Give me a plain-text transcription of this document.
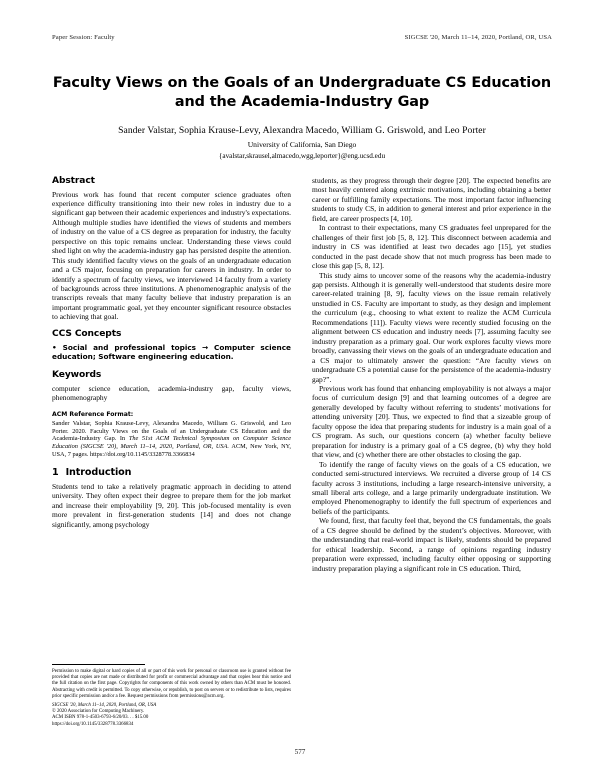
Paper Session: Faculty	SIGCSE '20, March 11–14, 2020, Portland, OR, USA
Faculty Views on the Goals of an Undergraduate CS Education
and the Academia-Industry Gap
Sander Valstar, Sophia Krause-Levy, Alexandra Macedo, William G. Griswold, and Leo Porter
University of California, San Diego
{avalstar,skrausel,almacedo,wgg,leporter}@eng.ucsd.edu
Abstract

Previous work has found that recent computer science graduates often experience difficulty transitioning into their new roles in industry due to a significant gap between their academic experiences and industry's expectations. Although multiple studies have identified the views of students and members of industry on the value of a CS degree as preparation for industry, the faculty perspective on this topic remains unclear. Understanding these views could shed light on why the academia-industry gap has persisted despite the attention. This study identified faculty views on the goals of an undergraduate education and a CS major, focusing on preparation for careers in industry. In order to identify a spectrum of faculty views, we interviewed 14 faculty from a variety of backgrounds across three institutions. A phenomenographic analysis of the transcripts reveals that many faculty believe that industry preparation is an important programmatic goal, yet they encounter significant resource obstacles to achieving that goal.

CCS Concepts

• Social and professional topics → Computer science education; Software engineering education.

Keywords

computer science education, academia-industry gap, faculty views, phenomenography

ACM Reference Format:

Sander Valstar, Sophia Krause-Levy, Alexandra Macedo, William G. Griswold, and Leo Porter. 2020. Faculty Views on the Goals of an Undergraduate CS Education and the Academia-Industry Gap. In The 51st ACM Technical Symposium on Computer Science Education (SIGCSE '20), March 11–14, 2020, Portland, OR, USA. ACM, New York, NY, USA, 7 pages. https://doi.org/10.1145/3328778.3366834

1 Introduction

Students tend to take a relatively pragmatic approach in deciding to attend university. They often expect their degree to prepare them for the job market and increase their employability [9, 20]. This job-focused mentality is even more prevalent in first-generation students [14] and does not change significantly, among psychology

Permission to make digital or hard copies of all or part of this work for personal or classroom use is granted without fee provided that copies are not made or distributed for profit or commercial advantage and that copies bear this notice and the full citation on the first page. Copyrights for components of this work owned by others than ACM must be honored. Abstracting with credit is permitted. To copy otherwise, or republish, to post on servers or to redistribute to lists, requires prior specific permission and/or a fee. Request permissions from permissions@acm.org.

SIGCSE '20, March 11–14, 2020, Portland, OR, USA

© 2020 Association for Computing Machinery.

ACM ISBN 978-1-4503-6793-6/20/03. . . $15.00

https://doi.org/10.1145/3328778.3366834

students, as they progress through their degree [20]. The expected benefits are most heavily centered along extrinsic motivations, including obtaining a better career or fulfilling family expectations. The most important factor influencing students to study CS, in addition to general interest and prior experience in the field, are career prospects [4, 10].

In contrast to their expectations, many CS graduates feel unprepared for the challenges of their first job [5, 8, 12]. This disconnect between academia and industry in CS was identified at least two decades ago [15], yet studies conducted in the past decade show that not much progress has been made to close this gap [5, 8, 12].

This study aims to uncover some of the reasons why the academia-industry gap persists. Although it is generally well-understood that students desire more career-related training [8, 9], faculty views on the issue remain relatively unstudied in CS. Faculty are important to study, as they design and implement the curriculum (e.g., choosing to what extent to realize the ACM Curricula Recommendations [11]). Faculty views were recently studied focusing on the alignment between CS education and industry needs [7], assuming faculty see industry preparation as a primary goal. Our work explores faculty views more broadly, canvassing their views on the goals of an undergraduate education and a CS major to ultimately answer the question: “Are faculty views on undergraduate CS a potential cause for the persistence of the academia-industry gap?”.

Previous work has found that enhancing employability is not always a major focus of curriculum design [9] and that learning outcomes of a degree are generally developed by faculty without referring to students’ motivations for attending university [20]. Thus, we expected to find that a sizeable group of faculty oppose the idea that preparing students for industry is a main goal of a CS program. As such, our questions concern (a) whether faculty believe preparation for industry is a primary goal of a CS degree, (b) why they hold that view, and (c) whether there are other obstacles to closing the gap.

To identify the range of faculty views on the goals of a CS education, we conducted semi-structured interviews. We recruited a diverse group of 14 CS faculty across 3 institutions, including a large research-intensive university, a small liberal arts college, and a large primarily undergraduate institution. We employed Phenomenography to identify the full spectrum of experiences and beliefs of the participants.

We found, first, that faculty feel that, beyond the CS fundamentals, the goals of a CS degree should be defined by the student’s objectives. Moreover, with the understanding that real-world impact is likely, students should be prepared for ethical leadership. Second, a range of opinions regarding industry preparation were expressed, including faculty either opposing or supporting industry preparation playing a significant role in CS education. Third,

577
